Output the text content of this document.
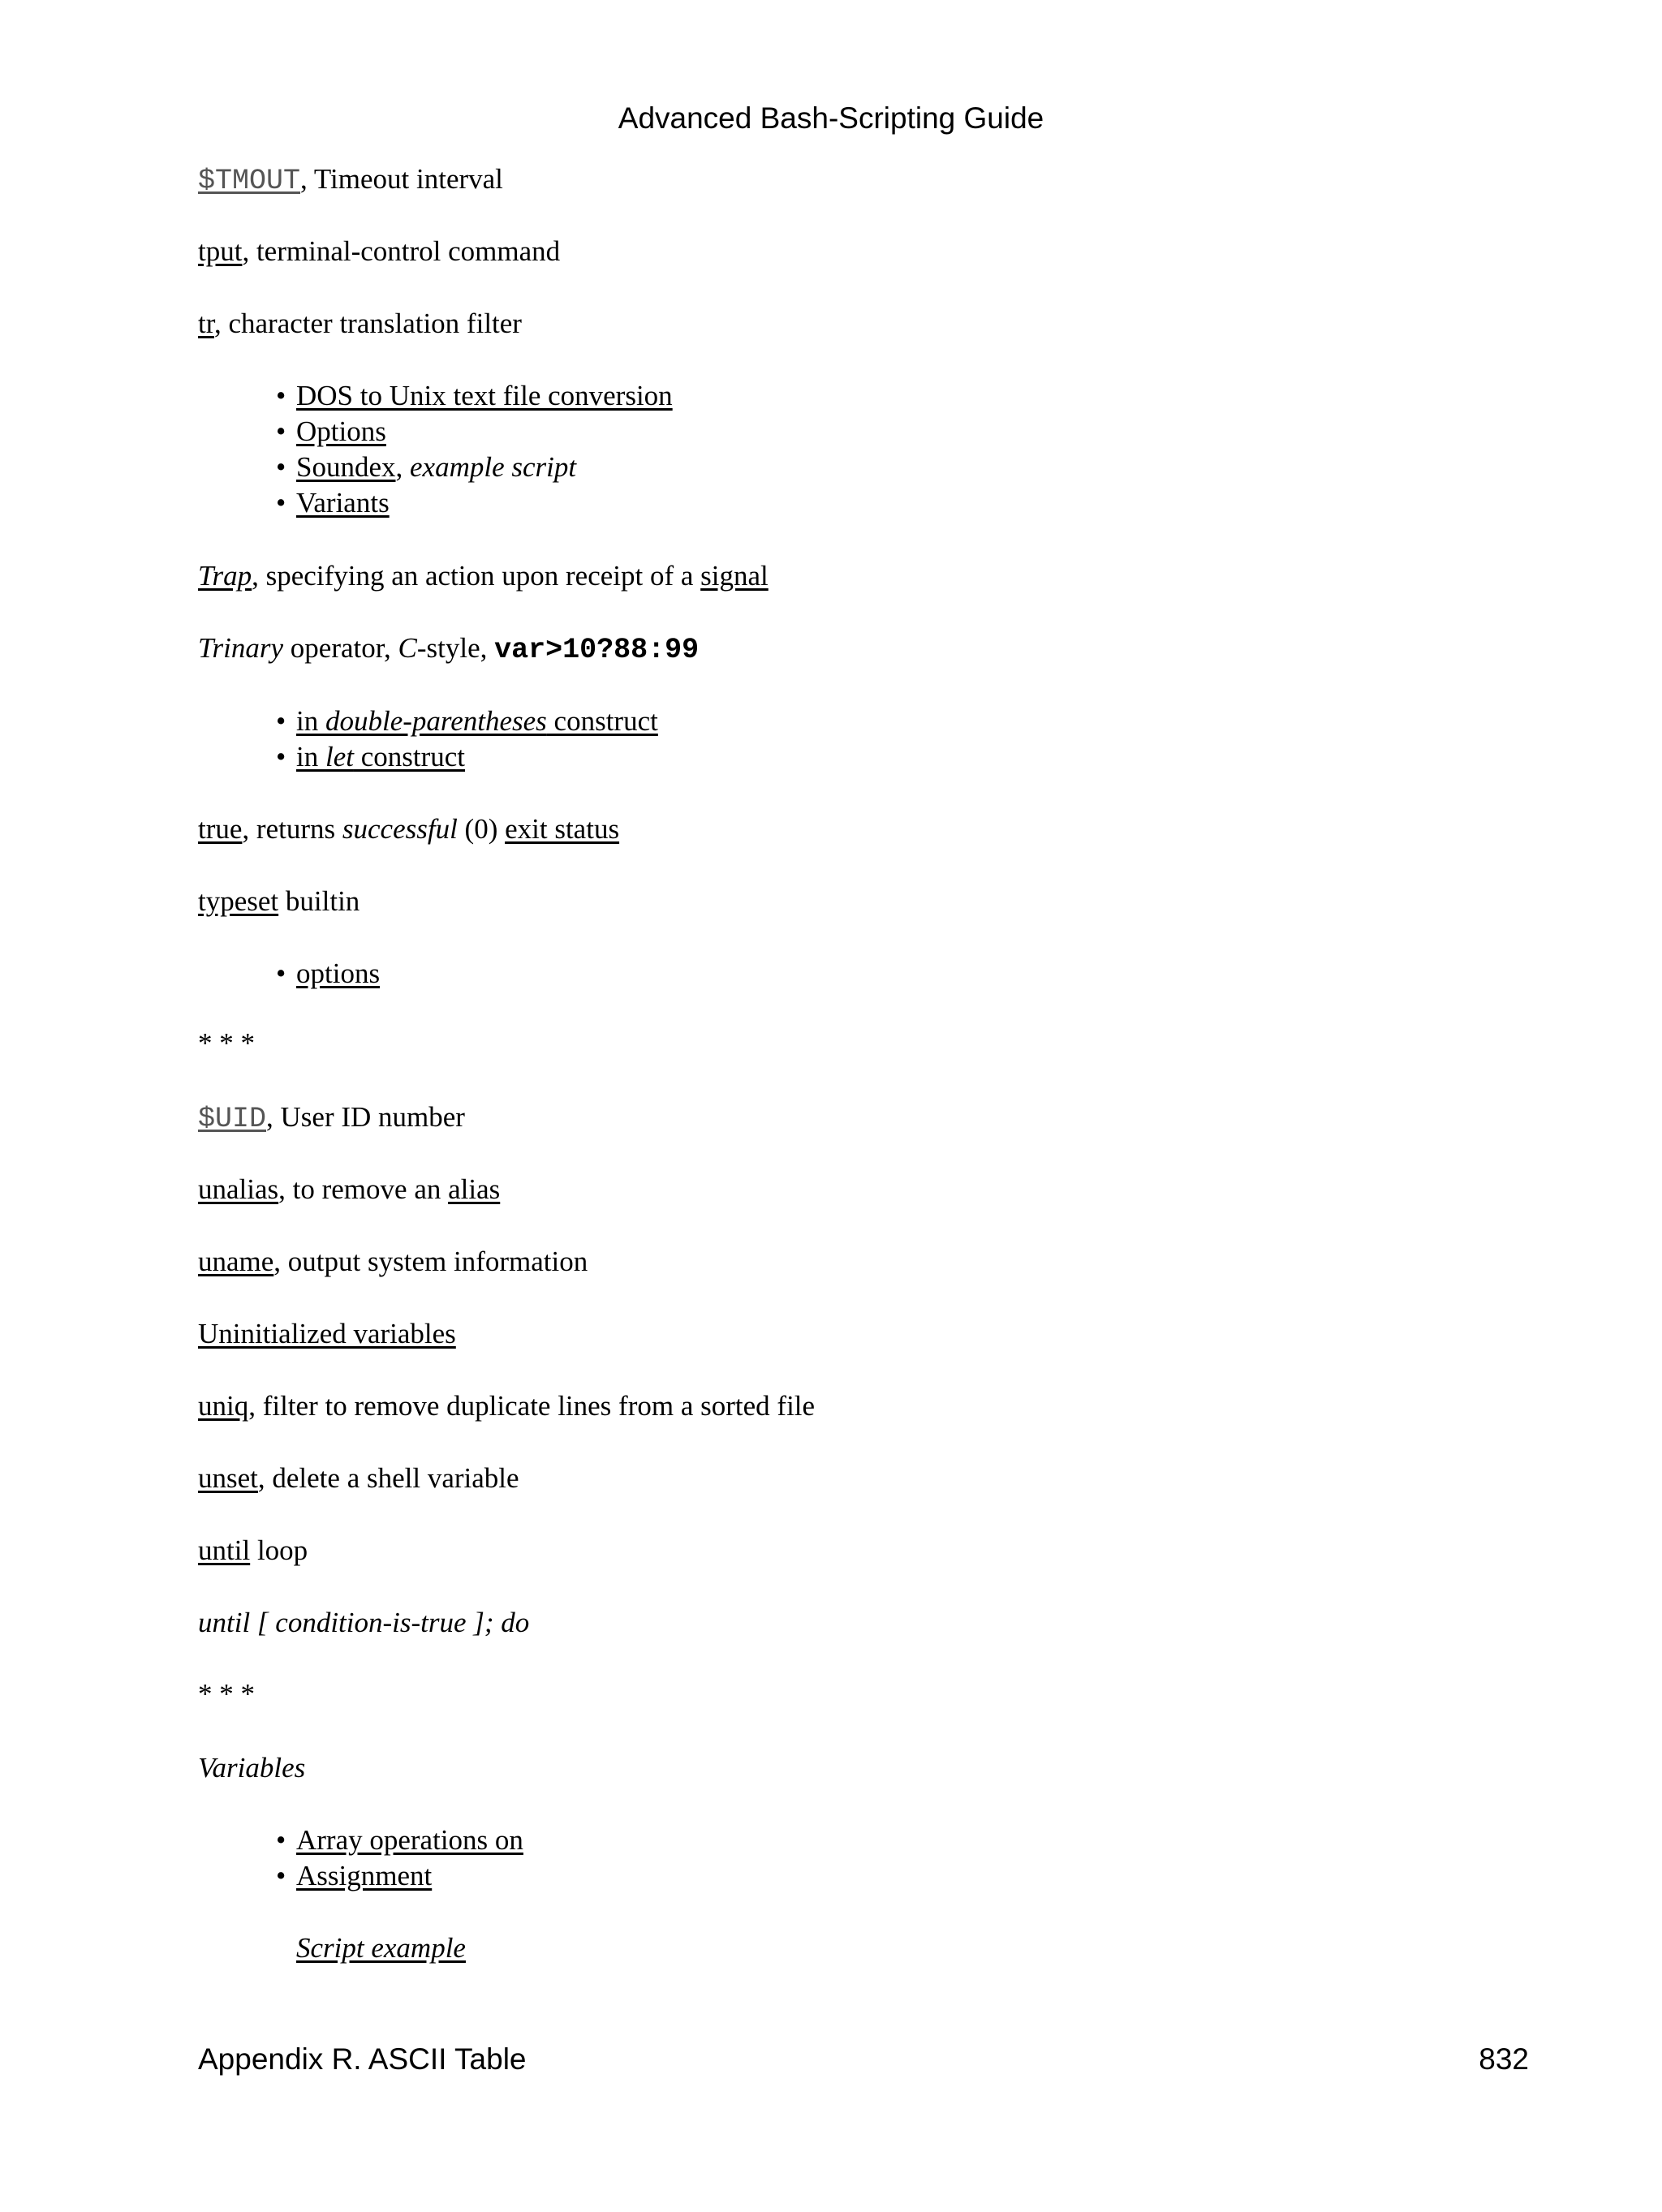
Advanced Bash-Scripting Guide

$TMOUT, Timeout interval

tput, terminal-control command

tr, character translation filter

• DOS to Unix text file conversion

• Options

• Soundex, example script

• Variants

Trap, specifying an action upon receipt of a signal

Trinary operator, C-style, var>10?88:99

• in double-parentheses construct

• in let construct

true, returns successful (0) exit status

typeset builtin

• options

* * *

$UID, User ID number

unalias, to remove an alias

uname, output system information

Uninitialized variables

uniq, filter to remove duplicate lines from a sorted file

unset, delete a shell variable

until loop

until [ condition-is-true ]; do

* * *

Variables

• Array operations on

• Assignment

Script example

Appendix R. ASCII Table	832
